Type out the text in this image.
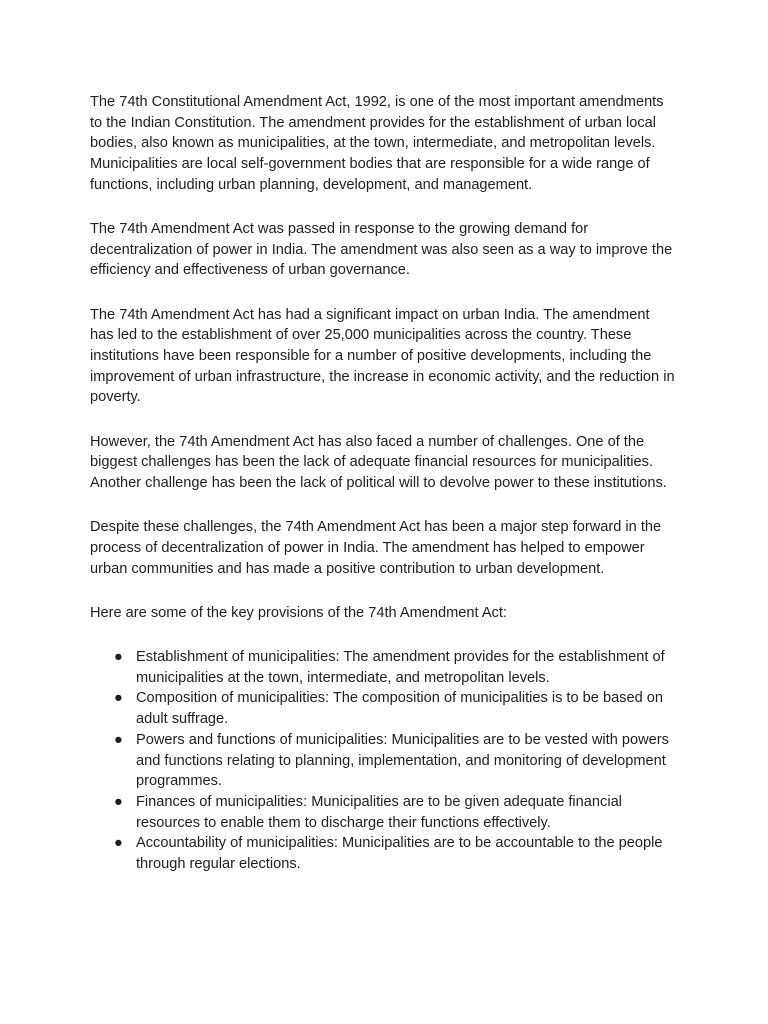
The 74th Constitutional Amendment Act, 1992, is one of the most important amendments to the Indian Constitution. The amendment provides for the establishment of urban local bodies, also known as municipalities, at the town, intermediate, and metropolitan levels. Municipalities are local self-government bodies that are responsible for a wide range of functions, including urban planning, development, and management.

The 74th Amendment Act was passed in response to the growing demand for decentralization of power in India. The amendment was also seen as a way to improve the efficiency and effectiveness of urban governance.

The 74th Amendment Act has had a significant impact on urban India. The amendment has led to the establishment of over 25,000 municipalities across the country. These institutions have been responsible for a number of positive developments, including the improvement of urban infrastructure, the increase in economic activity, and the reduction in poverty.

However, the 74th Amendment Act has also faced a number of challenges. One of the biggest challenges has been the lack of adequate financial resources for municipalities. Another challenge has been the lack of political will to devolve power to these institutions.

Despite these challenges, the 74th Amendment Act has been a major step forward in the process of decentralization of power in India. The amendment has helped to empower urban communities and has made a positive contribution to urban development.

Here are some of the key provisions of the 74th Amendment Act:

● Establishment of municipalities: The amendment provides for the establishment of municipalities at the town, intermediate, and metropolitan levels.
● Composition of municipalities: The composition of municipalities is to be based on adult suffrage.
● Powers and functions of municipalities: Municipalities are to be vested with powers and functions relating to planning, implementation, and monitoring of development programmes.
● Finances of municipalities: Municipalities are to be given adequate financial resources to enable them to discharge their functions effectively.
● Accountability of municipalities: Municipalities are to be accountable to the people through regular elections.
